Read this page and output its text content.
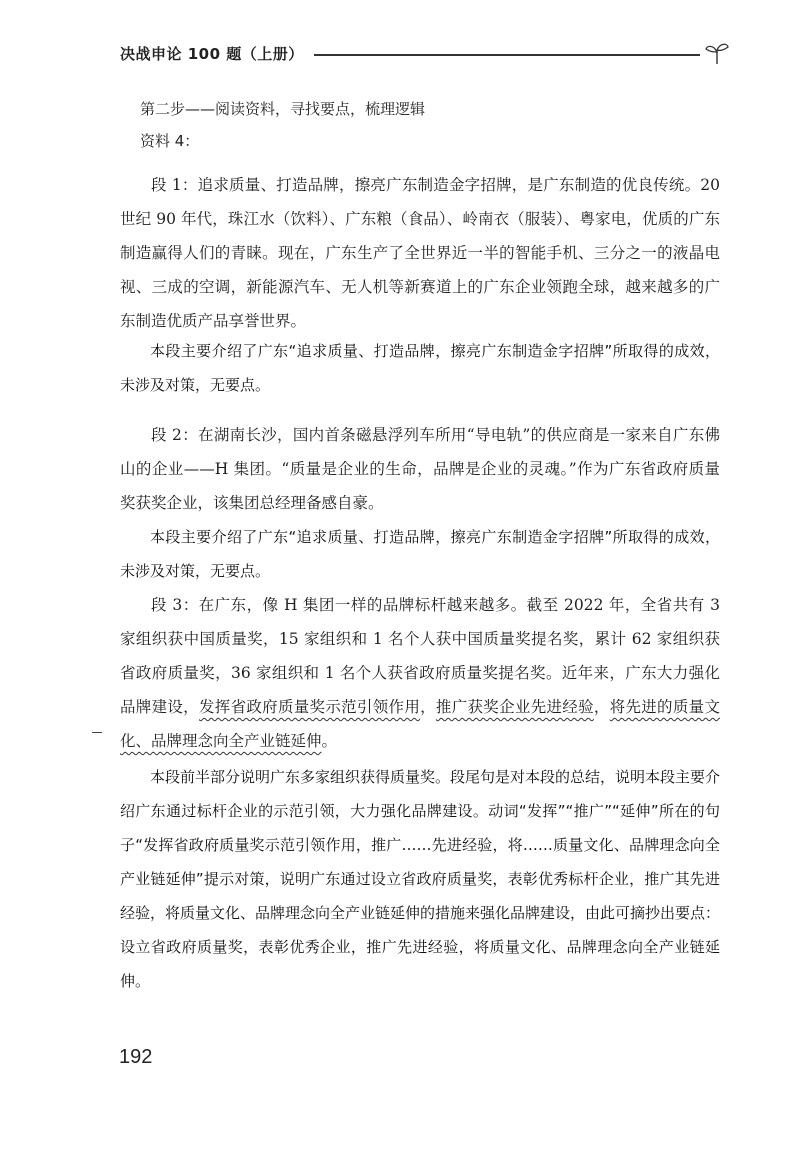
决战申论 100 题（上册）
第二步——阅读资料，寻找要点，梳理逻辑
资料 4：

段 1：追求质量、打造品牌，擦亮广东制造金字招牌，是广东制造的优良传统。20 世纪 90 年代，珠江水（饮料）、广东粮（食品）、岭南衣（服装）、粤家电，优质的广东制造赢得人们的青睐。现在，广东生产了全世界近一半的智能手机、三分之一的液晶电视、三成的空调，新能源汽车、无人机等新赛道上的广东企业领跑全球，越来越多的广东制造优质产品享誉世界。

本段主要介绍了广东“追求质量、打造品牌，擦亮广东制造金字招牌”所取得的成效，未涉及对策，无要点。

段 2：在湖南长沙，国内首条磁悬浮列车所用“导电轨”的供应商是一家来自广东佛山的企业——H 集团。“质量是企业的生命，品牌是企业的灵魂。”作为广东省政府质量奖获奖企业，该集团总经理备感自豪。

本段主要介绍了广东“追求质量、打造品牌，擦亮广东制造金字招牌”所取得的成效，未涉及对策，无要点。

段 3：在广东，像 H 集团一样的品牌标杆越来越多。截至 2022 年，全省共有 3 家组织获中国质量奖，15 家组织和 1 名个人获中国质量奖提名奖，累计 62 家组织获省政府质量奖，36 家组织和 1 名个人获省政府质量奖提名奖。近年来，广东大力强化品牌建设，发挥省政府质量奖示范引领作用，推广获奖企业先进经验，将先进的质量文化、品牌理念向全产业链延伸。

本段前半部分说明广东多家组织获得质量奖。段尾句是对本段的总结，说明本段主要介绍广东通过标杆企业的示范引领，大力强化品牌建设。动词“发挥”“推广”“延伸”所在的句子“发挥省政府质量奖示范引领作用，推广……先进经验，将……质量文化、品牌理念向全产业链延伸”提示对策，说明广东通过设立省政府质量奖，表彰优秀标杆企业，推广其先进经验，将质量文化、品牌理念向全产业链延伸的措施来强化品牌建设，由此可摘抄出要点：设立省政府质量奖，表彰优秀企业，推广先进经验，将质量文化、品牌理念向全产业链延伸。

192
